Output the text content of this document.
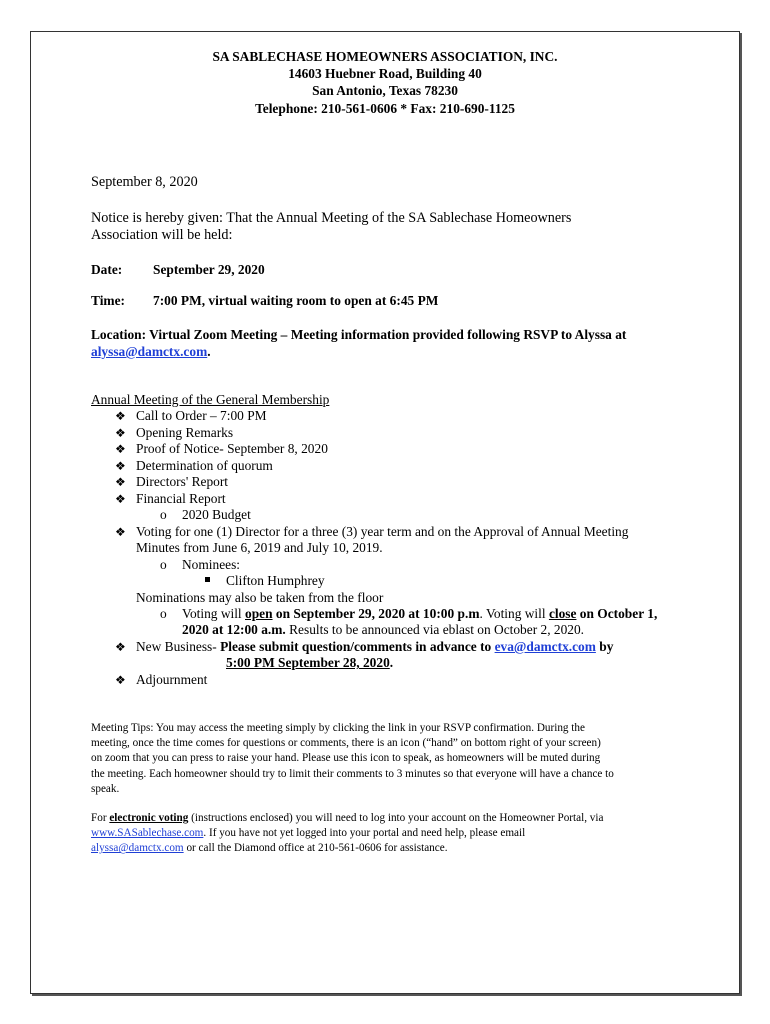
SA SABLECHASE HOMEOWNERS ASSOCIATION, INC.
14603 Huebner Road, Building 40
San Antonio, Texas 78230
Telephone: 210-561-0606 * Fax: 210-690-1125
September 8, 2020
Notice is hereby given: That the Annual Meeting of the SA Sablechase Homeowners
Association will be held:
Date: September 29, 2020
Time: 7:00 PM, virtual waiting room to open at 6:45 PM
Location: Virtual Zoom Meeting – Meeting information provided following RSVP to Alyssa at
alyssa@damctx.com.
Annual Meeting of the General Membership
❖ Call to Order – 7:00 PM
❖ Opening Remarks
❖ Proof of Notice- September 8, 2020
❖ Determination of quorum
❖ Directors' Report
❖ Financial Report
o 2020 Budget
❖ Voting for one (1) Director for a three (3) year term and on the Approval of Annual Meeting
Minutes from June 6, 2019 and July 10, 2019.
o Nominees:
Clifton Humphrey
Nominations may also be taken from the floor
o Voting will open on September 29, 2020 at 10:00 p.m. Voting will close on October 1,
2020 at 12:00 a.m. Results to be announced via eblast on October 2, 2020.
❖ New Business- Please submit question/comments in advance to eva@damctx.com by
5:00 PM September 28, 2020.
❖ Adjournment
Meeting Tips: You may access the meeting simply by clicking the link in your RSVP confirmation. During the
meeting, once the time comes for questions or comments, there is an icon (“hand” on bottom right of your screen)
on zoom that you can press to raise your hand. Please use this icon to speak, as homeowners will be muted during
the meeting. Each homeowner should try to limit their comments to 3 minutes so that everyone will have a chance to
speak.
For electronic voting (instructions enclosed) you will need to log into your account on the Homeowner Portal, via
www.SASablechase.com. If you have not yet logged into your portal and need help, please email
alyssa@damctx.com or call the Diamond office at 210-561-0606 for assistance.
